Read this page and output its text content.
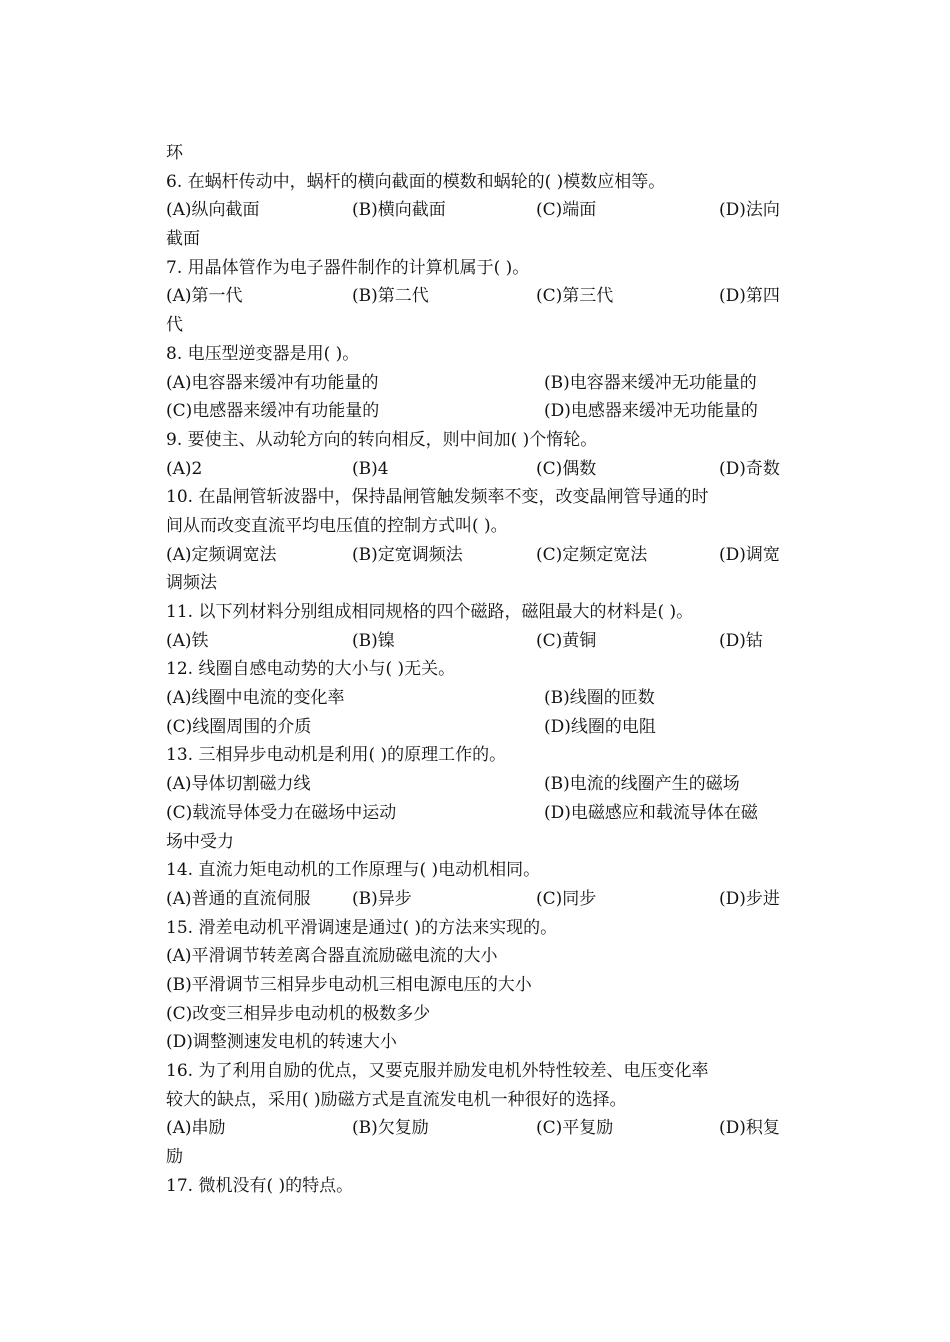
环
6. 在蜗杆传动中，蜗杆的横向截面的模数和蜗轮的( )模数应相等。
(A)纵向截面	(B)横向截面	(C)端面	(D)法向
截面
7. 用晶体管作为电子器件制作的计算机属于( )。
(A)第一代	(B)第二代	(C)第三代	(D)第四
代
8. 电压型逆变器是用( )。
(A)电容器来缓冲有功能量的	(B)电容器来缓冲无功能量的
(C)电感器来缓冲有功能量的	(D)电感器来缓冲无功能量的
9. 要使主、从动轮方向的转向相反，则中间加( )个惰轮。
(A)2	(B)4	(C)偶数	(D)奇数
10. 在晶闸管斩波器中，保持晶闸管触发频率不变，改变晶闸管导通的时
间从而改变直流平均电压值的控制方式叫( )。
(A)定频调宽法	(B)定宽调频法	(C)定频定宽法	(D)调宽
调频法
11. 以下列材料分别组成相同规格的四个磁路，磁阻最大的材料是( )。
(A)铁	(B)镍	(C)黄铜	(D)钴
12. 线圈自感电动势的大小与( )无关。
(A)线圈中电流的变化率	(B)线圈的匝数
(C)线圈周围的介质	(D)线圈的电阻
13. 三相异步电动机是利用( )的原理工作的。
(A)导体切割磁力线	(B)电流的线圈产生的磁场
(C)载流导体受力在磁场中运动	(D)电磁感应和载流导体在磁
场中受力
14. 直流力矩电动机的工作原理与( )电动机相同。
(A)普通的直流伺服 (B)异步	(C)同步	(D)步进
15. 滑差电动机平滑调速是通过( )的方法来实现的。
(A)平滑调节转差离合器直流励磁电流的大小
(B)平滑调节三相异步电动机三相电源电压的大小
(C)改变三相异步电动机的极数多少
(D)调整测速发电机的转速大小
16. 为了利用自励的优点，又要克服并励发电机外特性较差、电压变化率
较大的缺点，采用( )励磁方式是直流发电机一种很好的选择。
(A)串励	(B)欠复励	(C)平复励	(D)积复
励
17. 微机没有( )的特点。
